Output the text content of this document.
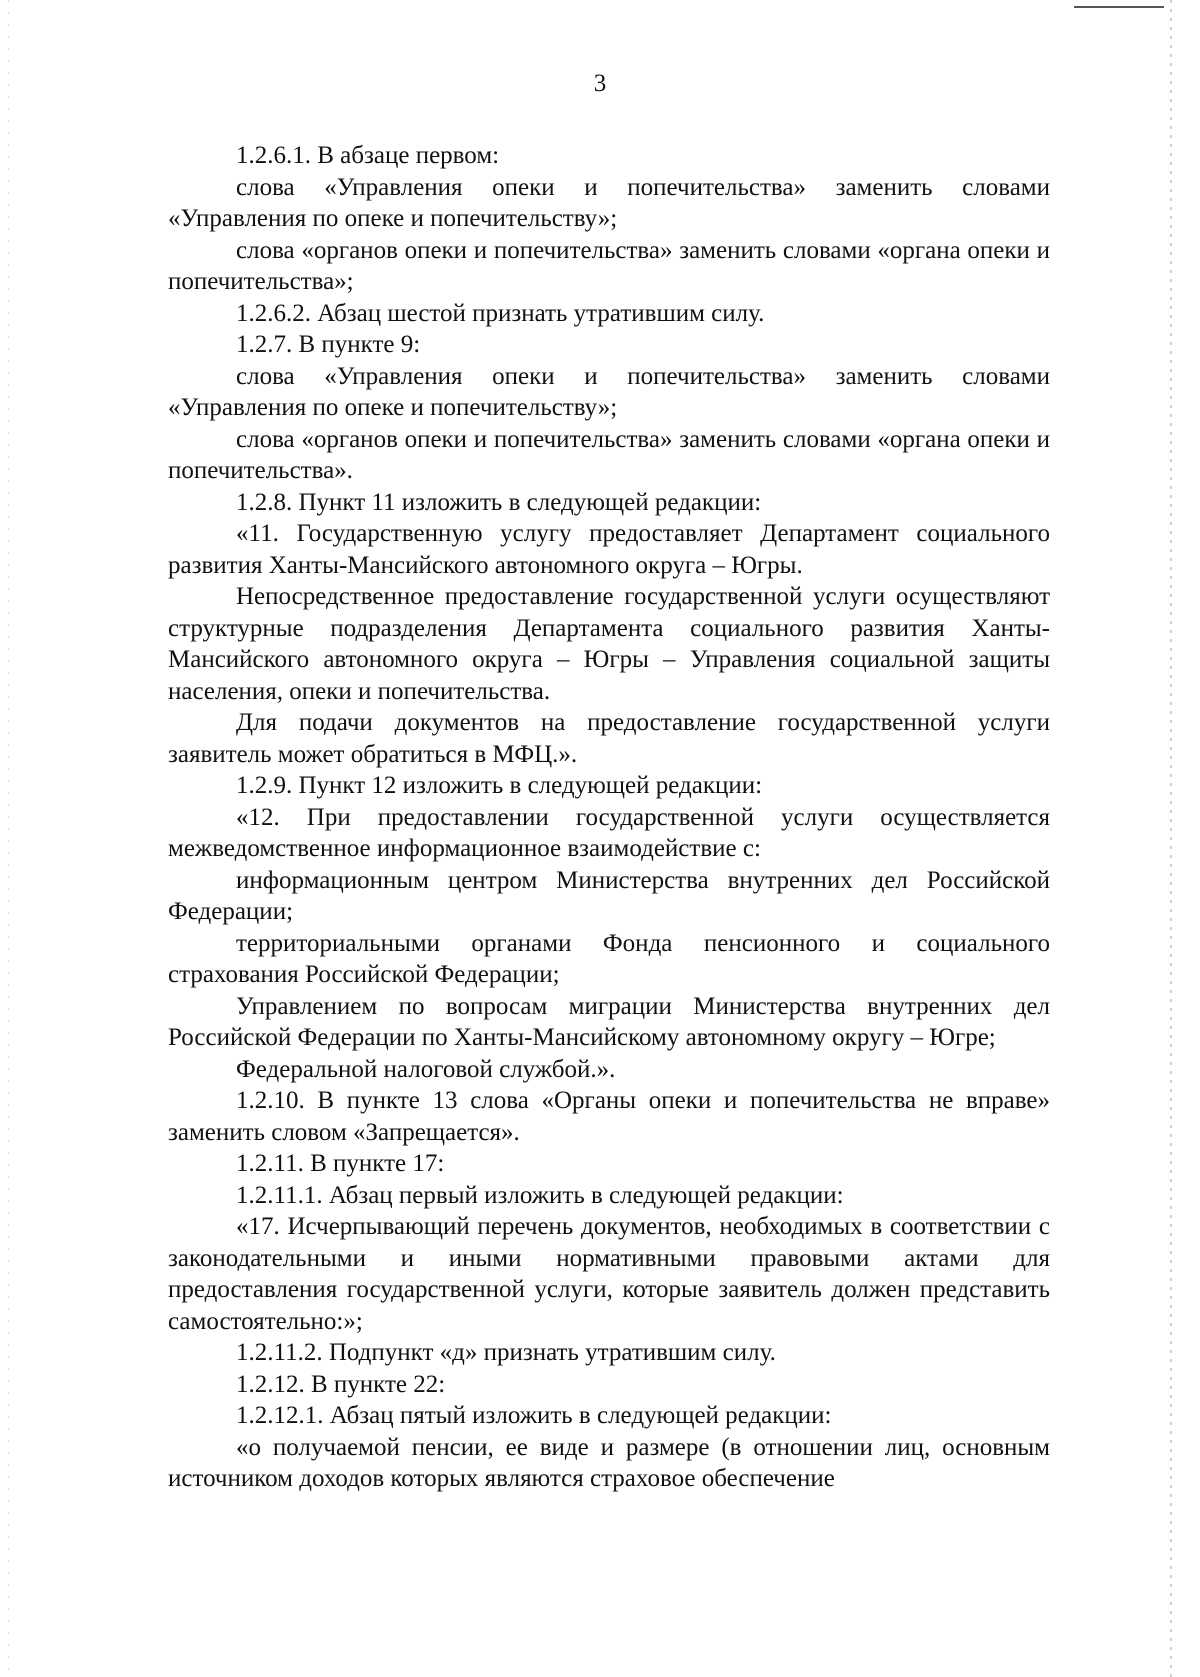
3

1.2.6.1. В абзаце первом:

слова «Управления опеки и попечительства» заменить словами «Управления по опеке и попечительству»;

слова «органов опеки и попечительства» заменить словами «органа опеки и попечительства»;

1.2.6.2. Абзац шестой признать утратившим силу.

1.2.7. В пункте 9:

слова «Управления опеки и попечительства» заменить словами «Управления по опеке и попечительству»;

слова «органов опеки и попечительства» заменить словами «органа опеки и попечительства».

1.2.8. Пункт 11 изложить в следующей редакции:

«11. Государственную услугу предоставляет Департамент социального развития Ханты-Мансийского автономного округа – Югры.

Непосредственное предоставление государственной услуги осуществляют структурные подразделения Департамента социального развития Ханты-Мансийского автономного округа – Югры – Управления социальной защиты населения, опеки и попечительства.

Для подачи документов на предоставление государственной услуги заявитель может обратиться в МФЦ.».

1.2.9. Пункт 12 изложить в следующей редакции:

«12. При предоставлении государственной услуги осуществляется межведомственное информационное взаимодействие с:

информационным центром Министерства внутренних дел Российской Федерации;

территориальными органами Фонда пенсионного и социального страхования Российской Федерации;

Управлением по вопросам миграции Министерства внутренних дел Российской Федерации по Ханты-Мансийскому автономному округу – Югре;

Федеральной налоговой службой.».

1.2.10. В пункте 13 слова «Органы опеки и попечительства не вправе» заменить словом «Запрещается».

1.2.11. В пункте 17:

1.2.11.1. Абзац первый изложить в следующей редакции:

«17. Исчерпывающий перечень документов, необходимых в соответствии с законодательными и иными нормативными правовыми актами для предоставления государственной услуги, которые заявитель должен представить самостоятельно:»;

1.2.11.2. Подпункт «д» признать утратившим силу.

1.2.12. В пункте 22:

1.2.12.1. Абзац пятый изложить в следующей редакции:

«о получаемой пенсии, ее виде и размере (в отношении лиц, основным источником доходов которых являются страховое обеспечение
